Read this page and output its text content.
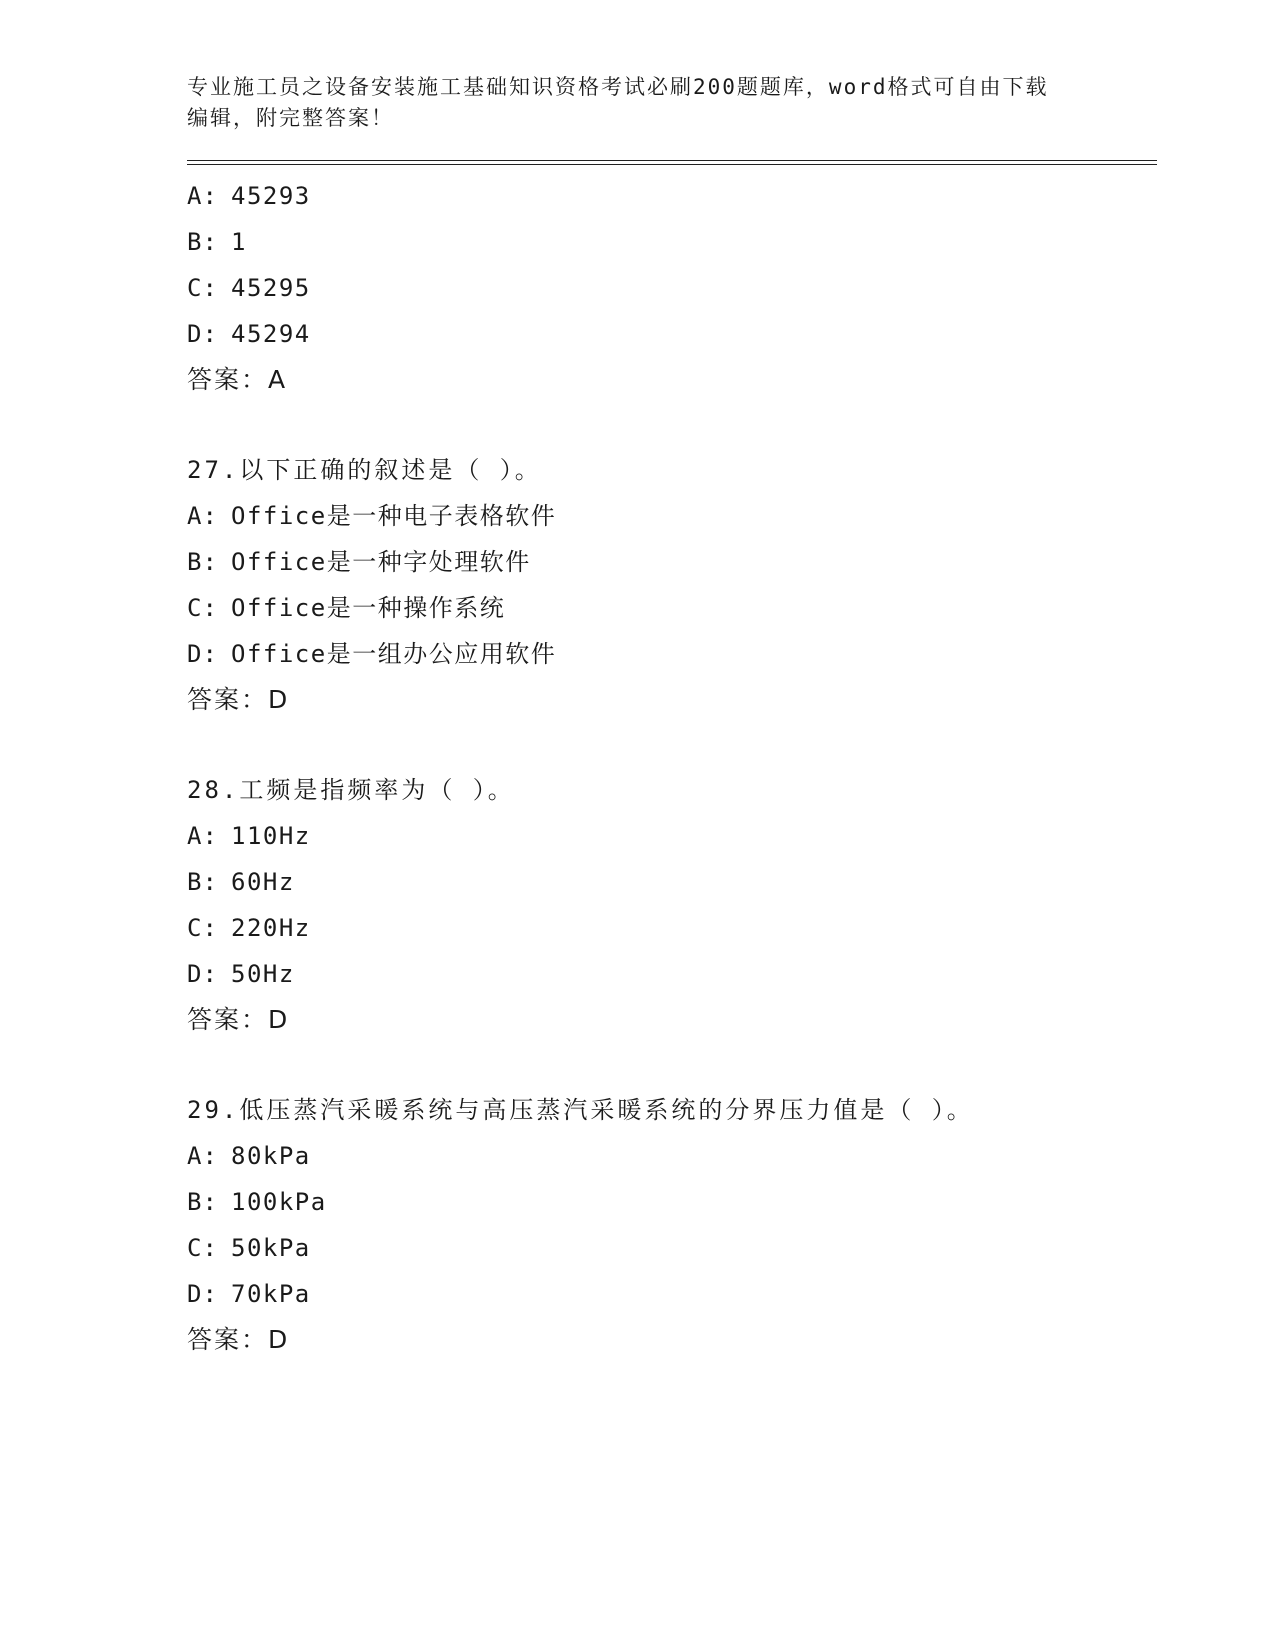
专业施工员之设备安装施工基础知识资格考试必刷200题题库，word格式可自由下载编辑，附完整答案！

A: 45293
B: 1
C: 45295
D: 45294
答案：A
27.以下正确的叙述是（ ）。
A: Office是一种电子表格软件
B: Office是一种字处理软件
C: Office是一种操作系统
D: Office是一组办公应用软件
答案：D
28.工频是指频率为（ ）。
A: 110Hz
B: 60Hz
C: 220Hz
D: 50Hz
答案：D
29.低压蒸汽采暖系统与高压蒸汽采暖系统的分界压力值是（ ）。
A: 80kPa
B: 100kPa
C: 50kPa
D: 70kPa
答案：D
